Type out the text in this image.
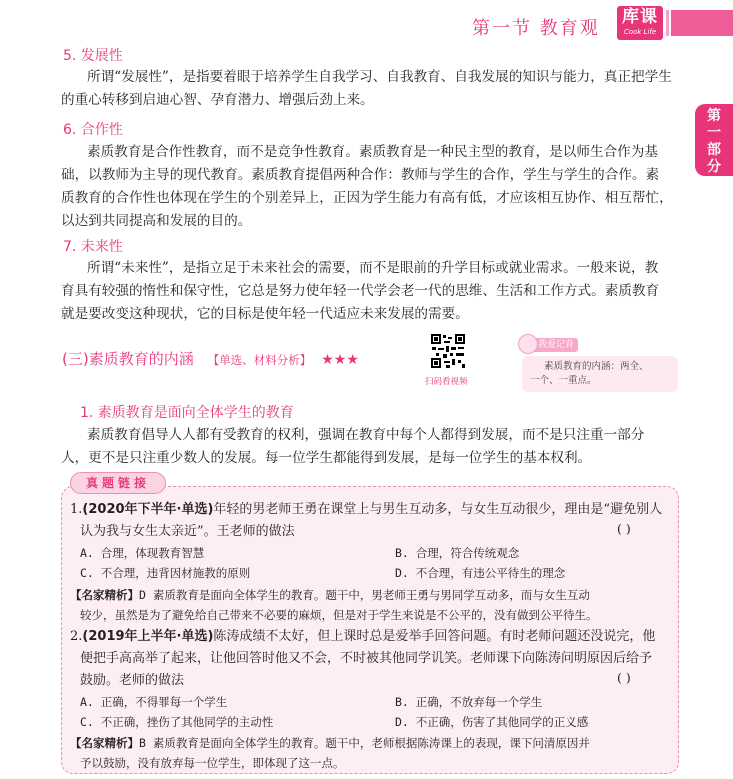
第一节 教育观
库课
Cook Life
第
一
部
分
5. 发展性
所谓“发展性”，是指要着眼于培养学生自我学习、自我教育、自我发展的知识与能力，真正把学生
的重心转移到启迪心智、孕育潜力、增强后劲上来。
6. 合作性
素质教育是合作性教育，而不是竞争性教育。素质教育是一种民主型的教育，是以师生合作为基
础，以教师为主导的现代教育。素质教育提倡两种合作：教师与学生的合作，学生与学生的合作。素
质教育的合作性也体现在学生的个别差异上，正因为学生能力有高有低，才应该相互协作、相互帮忙，
以达到共同提高和发展的目的。
7. 未来性
所谓“未来性”，是指立足于未来社会的需要，而不是眼前的升学目标或就业需求。一般来说，教
育具有较强的惰性和保守性，它总是努力使年轻一代学会老一代的思维、生活和工作方式。素质教育
就是要改变这种现状，它的目标是使年轻一代适应未来发展的需要。
(三)素质教育的内涵 【单选、材料分析】 ★★★
扫码看视频
我爱记背
素质教育的内涵：两全、
一个、一重点。
1. 素质教育是面向全体学生的教育
素质教育倡导人人都有受教育的权利，强调在教育中每个人都得到发展，而不是只注重一部分
人，更不是只注重少数人的发展。每一位学生都能得到发展，是每一位学生的基本权利。
真题链接
1.(2020年下半年·单选)年轻的男老师王勇在课堂上与男生互动多，与女生互动很少，理由是“避免别人
认为我与女生太亲近”。王老师的做法	( )
A. 合理，体现教育智慧	B. 合理，符合传统观念
C. 不合理，违背因材施教的原则	D. 不合理，有违公平待生的理念
【名家精析】D 素质教育是面向全体学生的教育。题干中，男老师王勇与男同学互动多，而与女生互动
较少，虽然是为了避免给自己带来不必要的麻烦，但是对于学生来说是不公平的，没有做到公平待生。
2.(2019年上半年·单选)陈涛成绩不太好，但上课时总是爱举手回答问题。有时老师问题还没说完，他
便把手高高举了起来，让他回答时他又不会，不时被其他同学讥笑。老师课下向陈涛问明原因后给予
鼓励。老师的做法	( )
A. 正确，不得罪每一个学生	B. 正确，不放弃每一个学生
C. 不正确，挫伤了其他同学的主动性	D. 不正确，伤害了其他同学的正义感
【名家精析】B 素质教育是面向全体学生的教育。题干中，老师根据陈涛课上的表现，课下问清原因并
予以鼓励，没有放弃每一位学生，即体现了这一点。
